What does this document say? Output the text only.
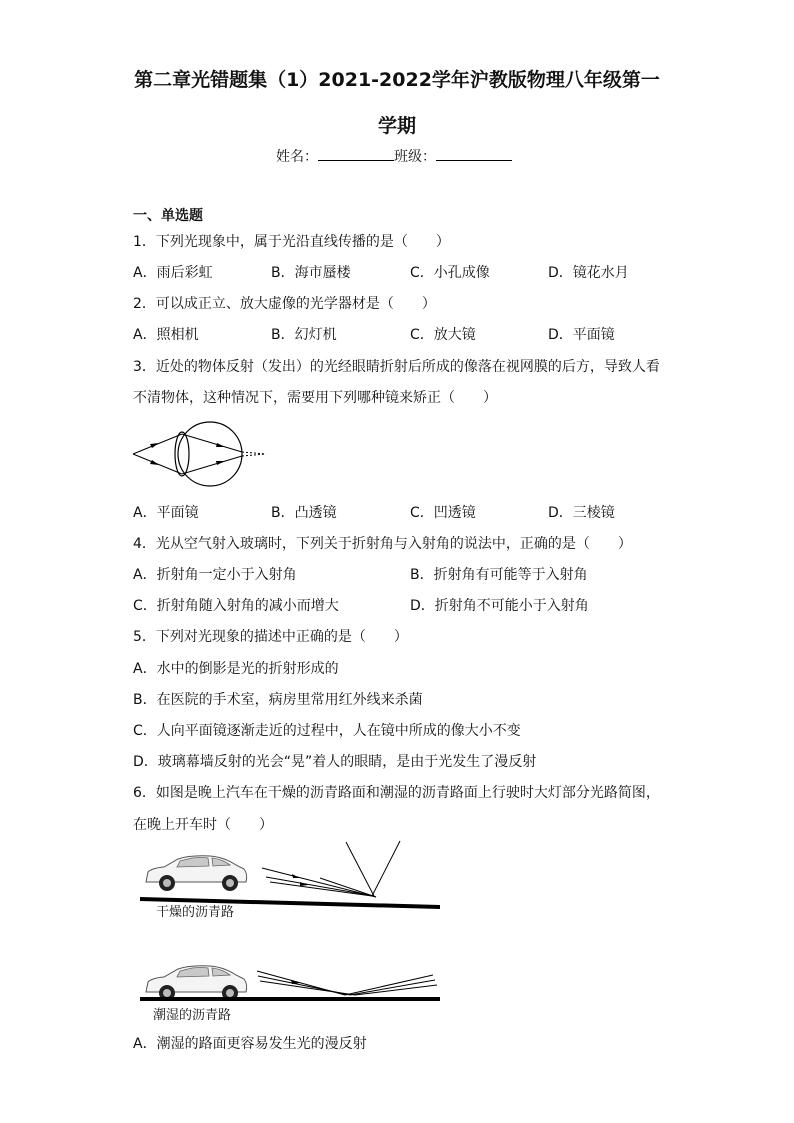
第二章光错题集（1）2021-2022学年沪教版物理八年级第一
学期
姓名：	班级：
一、单选题
1．下列光现象中，属于光沿直线传播的是（　　）
A．雨后彩虹	B．海市蜃楼	C．小孔成像	D．镜花水月
2．可以成正立、放大虚像的光学器材是（　　）
A．照相机	B．幻灯机	C．放大镜	D．平面镜
3．近处的物体反射（发出）的光经眼睛折射后所成的像落在视网膜的后方，导致人看
不清物体，这种情况下，需要用下列哪种镜来矫正（　　）
A．平面镜	B．凸透镜	C．凹透镜	D．三棱镜
4．光从空气射入玻璃时，下列关于折射角与入射角的说法中，正确的是（　　）
A．折射角一定小于入射角	B．折射角有可能等于入射角
C．折射角随入射角的减小而增大	D．折射角不可能小于入射角
5．下列对光现象的描述中正确的是（　　）
A．水中的倒影是光的折射形成的
B．在医院的手术室，病房里常用红外线来杀菌
C．人向平面镜逐渐走近的过程中，人在镜中所成的像大小不变
D．玻璃幕墙反射的光会“晃”着人的眼睛，是由于光发生了漫反射
6．如图是晚上汽车在干燥的沥青路面和潮湿的沥青路面上行驶时大灯部分光路简图，
在晚上开车时（　　）
干燥的沥青路
潮湿的沥青路
A．潮湿的路面更容易发生光的漫反射
